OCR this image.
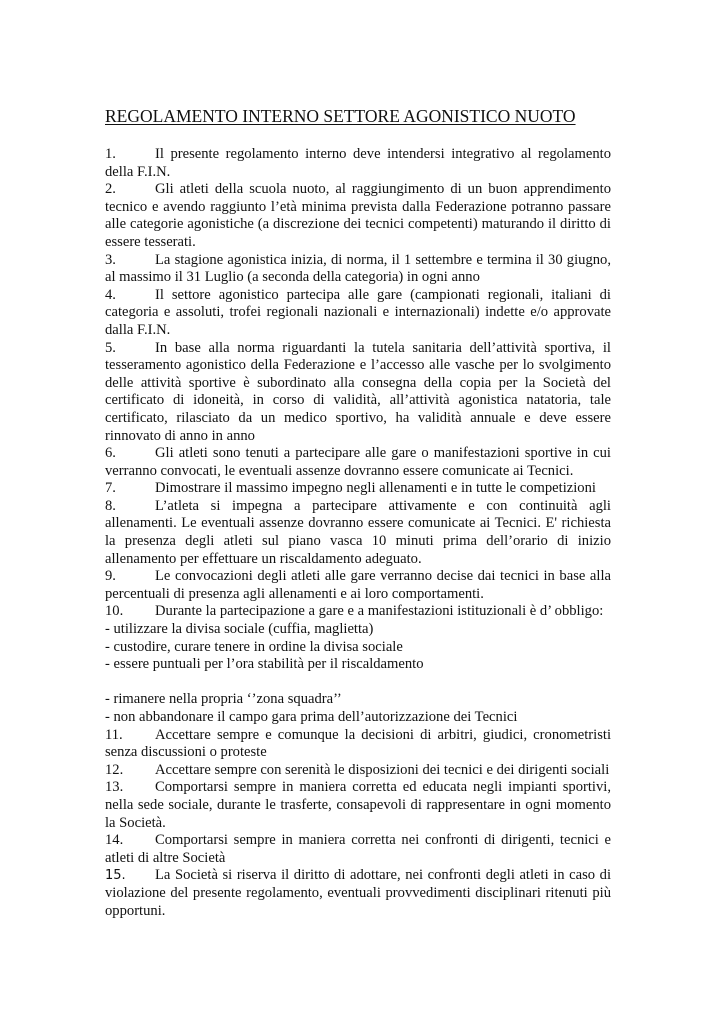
REGOLAMENTO INTERNO SETTORE AGONISTICO NUOTO

1.	Il presente regolamento interno deve intendersi integrativo al regolamento della F.I.N.

2.	Gli atleti della scuola nuoto, al raggiungimento di un buon apprendimento tecnico e avendo raggiunto l’età minima prevista dalla Federazione potranno passare alle categorie agonistiche (a discrezione dei tecnici competenti) maturando il diritto di essere tesserati.

3.	La stagione agonistica inizia, di norma, il 1 settembre e termina il 30 giugno, al massimo il 31 Luglio (a seconda della categoria) in ogni anno

4.	Il settore agonistico partecipa alle gare (campionati regionali, italiani di categoria e assoluti, trofei regionali nazionali e internazionali) indette e/o approvate dalla F.I.N.

5.	In base alla norma riguardanti la tutela sanitaria dell’attività sportiva, il tesseramento agonistico della Federazione e l’accesso alle vasche per lo svolgimento delle attività sportive è subordinato alla consegna della copia per la Società del certificato di idoneità, in corso di validità, all’attività agonistica natatoria, tale certificato, rilasciato da un medico sportivo, ha validità annuale e deve essere rinnovato di anno in anno

6.	Gli atleti sono tenuti a partecipare alle gare o manifestazioni sportive in cui verranno convocati, le eventuali assenze dovranno essere comunicate ai Tecnici.

7.	Dimostrare il massimo impegno negli allenamenti e in tutte le competizioni

8.	L’atleta si impegna a partecipare attivamente e con continuità agli allenamenti. Le eventuali assenze dovranno essere comunicate ai Tecnici. E' richiesta la presenza degli atleti sul piano vasca 10 minuti prima dell’orario di inizio allenamento per effettuare un riscaldamento adeguato.

9.	Le convocazioni degli atleti alle gare verranno decise dai tecnici in base alla percentuali di presenza agli allenamenti e ai loro comportamenti.

10. Durante la partecipazione a gare e a manifestazioni istituzionali è d’ obbligo:

- utilizzare la divisa sociale (cuffia, maglietta)

- custodire, curare tenere in ordine la divisa sociale

- essere puntuali per l’ora stabilità per il riscaldamento

- rimanere nella propria ‘’zona squadra’’

- non abbandonare il campo gara prima dell’autorizzazione dei Tecnici

11. Accettare sempre e comunque la decisioni di arbitri, giudici, cronometristi senza discussioni o proteste

12. Accettare sempre con serenità le disposizioni dei tecnici e dei dirigenti sociali

13. Comportarsi sempre in maniera corretta ed educata negli impianti sportivi, nella sede sociale, durante le trasferte, consapevoli di rappresentare in ogni momento la Società.

14. Comportarsi sempre in maniera corretta nei confronti di dirigenti, tecnici e atleti di altre Società

15. La Società si riserva il diritto di adottare, nei confronti degli atleti in caso di violazione del presente regolamento, eventuali provvedimenti disciplinari ritenuti più opportuni.
